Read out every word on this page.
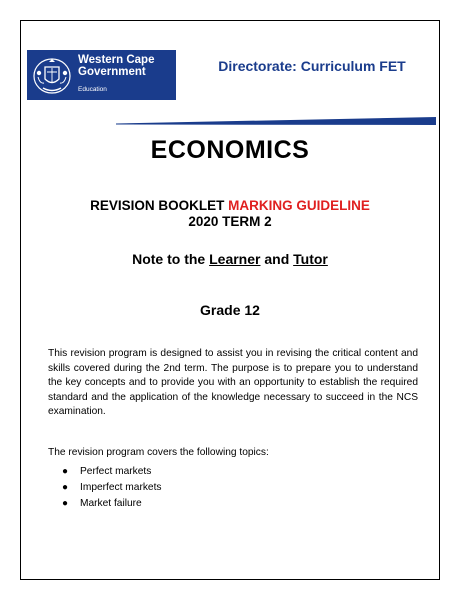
Western Cape
Government
Education
Directorate: Curriculum FET
ECONOMICS
REVISION BOOKLET MARKING GUIDELINE
2020 TERM 2
Note to the Learner and Tutor
Grade 12

This revision program is designed to assist you in revising the critical content and skills covered during the 2nd term. The purpose is to prepare you to understand the key concepts and to provide you with an opportunity to establish the required standard and the application of the knowledge necessary to succeed in the NCS examination.

The revision program covers the following topics:

● Perfect markets
● Imperfect markets
● Market failure
